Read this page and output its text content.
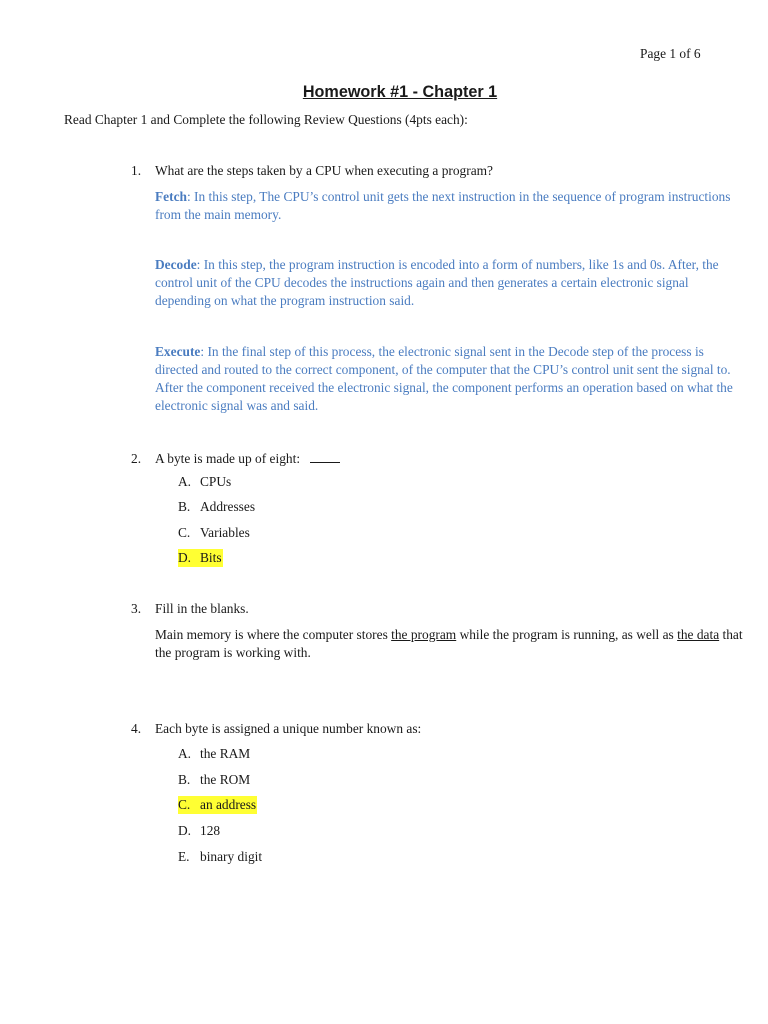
Page 1 of 6
Homework #1 - Chapter 1
Read Chapter 1 and Complete the following Review Questions (4pts each):
1. What are the steps taken by a CPU when executing a program?
Fetch: In this step, The CPU’s control unit gets the next instruction in the sequence of program instructions from the main memory.
Decode: In this step, the program instruction is encoded into a form of numbers, like 1s and 0s. After, the control unit of the CPU decodes the instructions again and then generates a certain electronic signal depending on what the program instruction said.
Execute: In the final step of this process, the electronic signal sent in the Decode step of the process is directed and routed to the correct component, of the computer that the CPU’s control unit sent the signal to. After the component received the electronic signal, the component performs an operation based on what the electronic signal was and said.
2. A byte is made up of eight:
A. CPUs
B. Addresses
C. Variables
D. Bits
3. Fill in the blanks.
Main memory is where the computer stores the program while the program is running, as well as the data that the program is working with.
4. Each byte is assigned a unique number known as:
A. the RAM
B. the ROM
C. an address
D. 128
E. binary digit
